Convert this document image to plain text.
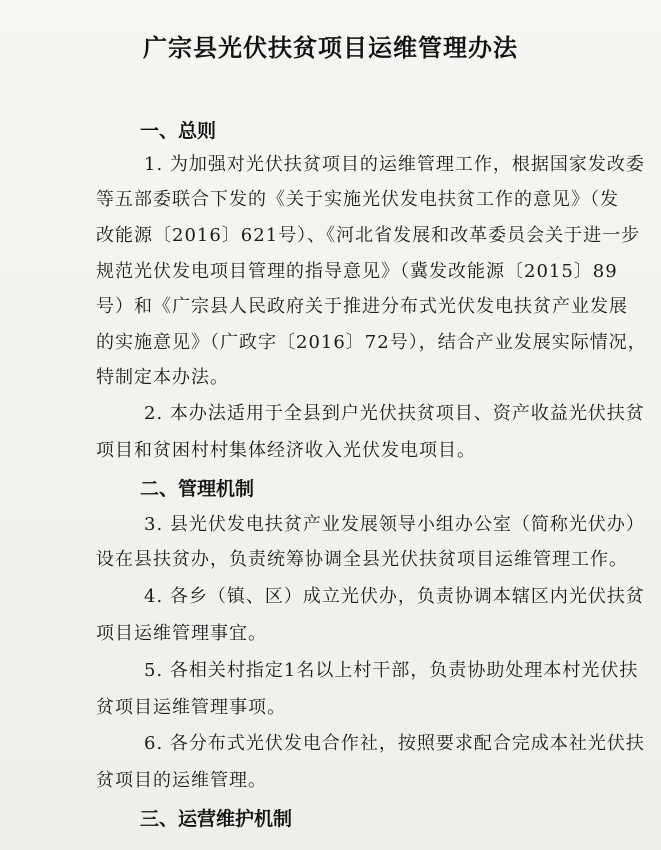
广宗县光伏扶贫项目运维管理办法
一、总则
1. 为加强对光伏扶贫项目的运维管理工作，根据国家发改委
等五部委联合下发的《关于实施光伏发电扶贫工作的意见》（发
改能源〔2016〕621号）、《河北省发展和改革委员会关于进一步
规范光伏发电项目管理的指导意见》（冀发改能源〔2015〕89
号）和《广宗县人民政府关于推进分布式光伏发电扶贫产业发展
的实施意见》（广政字〔2016〕72号），结合产业发展实际情况，
特制定本办法。
2. 本办法适用于全县到户光伏扶贫项目、资产收益光伏扶贫
项目和贫困村村集体经济收入光伏发电项目。
二、管理机制
3. 县光伏发电扶贫产业发展领导小组办公室（简称光伏办）
设在县扶贫办，负责统筹协调全县光伏扶贫项目运维管理工作。
4. 各乡（镇、区）成立光伏办，负责协调本辖区内光伏扶贫
项目运维管理事宜。
5. 各相关村指定1名以上村干部，负责协助处理本村光伏扶
贫项目运维管理事项。
6. 各分布式光伏发电合作社，按照要求配合完成本社光伏扶
贫项目的运维管理。
三、运营维护机制
